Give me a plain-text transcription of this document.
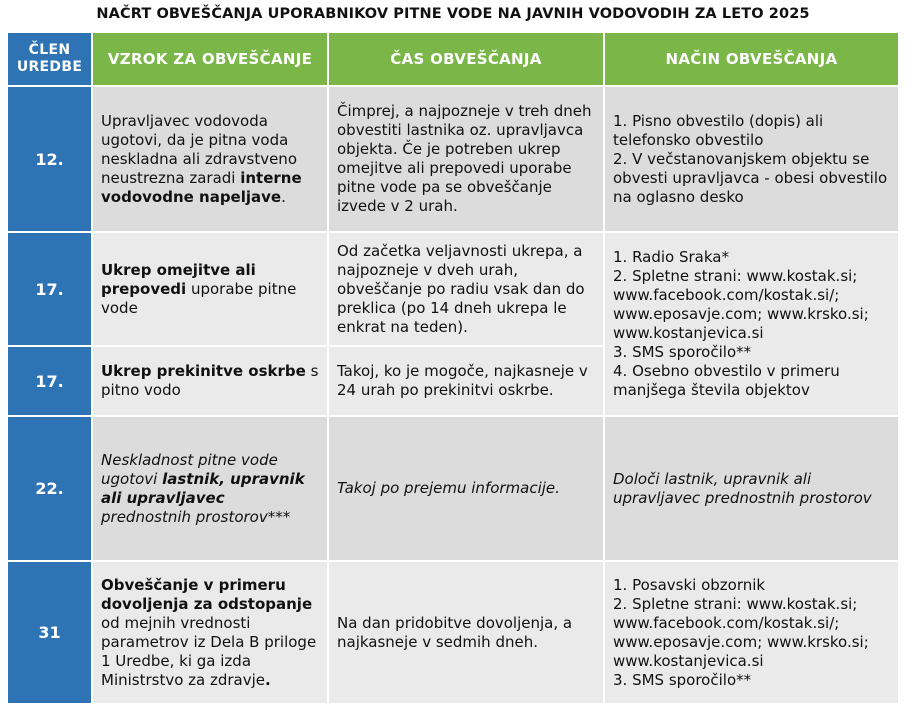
NAČRT OBVEŠČANJA UPORABNIKOV PITNE VODE NA JAVNIH VODOVODIH ZA LETO 2025
ČLEN UREDBE	VZROK ZA OBVEŠČANJE	ČAS OBVEŠČANJA	NAČIN OBVEŠČANJA
12.	Upravljavec vodovoda ugotovi, da je pitna voda neskladna ali zdravstveno neustrezna zaradi interne vodovodne napeljave.	Čimprej, a najpozneje v treh dneh obvestiti lastnika oz. upravljavca objekta. Če je potreben ukrep omejitve ali prepovedi uporabe pitne vode pa se obveščanje izvede v 2 urah.	1. Pisno obvestilo (dopis) ali telefonsko obvestilo
2. V večstanovanjskem objektu se obvesti upravljavca - obesi obvestilo na oglasno desko
17.	Ukrep omejitve ali prepovedi uporabe pitne vode	Od začetka veljavnosti ukrepa, a najpozneje v dveh urah, obveščanje po radiu vsak dan do preklica (po 14 dneh ukrepa le enkrat na teden).	1. Radio Sraka*
2. Spletne strani: www.kostak.si; www.facebook.com/kostak.si/; www.eposavje.com; www.krsko.si; www.kostanjevica.si
3. SMS sporočilo**
4. Osebno obvestilo v primeru manjšega števila objektov
17.	Ukrep prekinitve oskrbe s pitno vodo	Takoj, ko je mogoče, najkasneje v 24 urah po prekinitvi oskrbe.	
22.	Neskladnost pitne vode ugotovi lastnik, upravnik ali upravljavec prednostnih prostorov***	Takoj po prejemu informacije.	Določi lastnik, upravnik ali upravljavec prednostnih prostorov
31	Obveščanje v primeru dovoljenja za odstopanje od mejnih vrednosti parametrov iz Dela B priloge 1 Uredbe, ki ga izda Ministrstvo za zdravje.	Na dan pridobitve dovoljenja, a najkasneje v sedmih dneh.	1. Posavski obzornik
2. Spletne strani: www.kostak.si; www.facebook.com/kostak.si/; www.eposavje.com; www.krsko.si; www.kostanjevica.si
3. SMS sporočilo**
